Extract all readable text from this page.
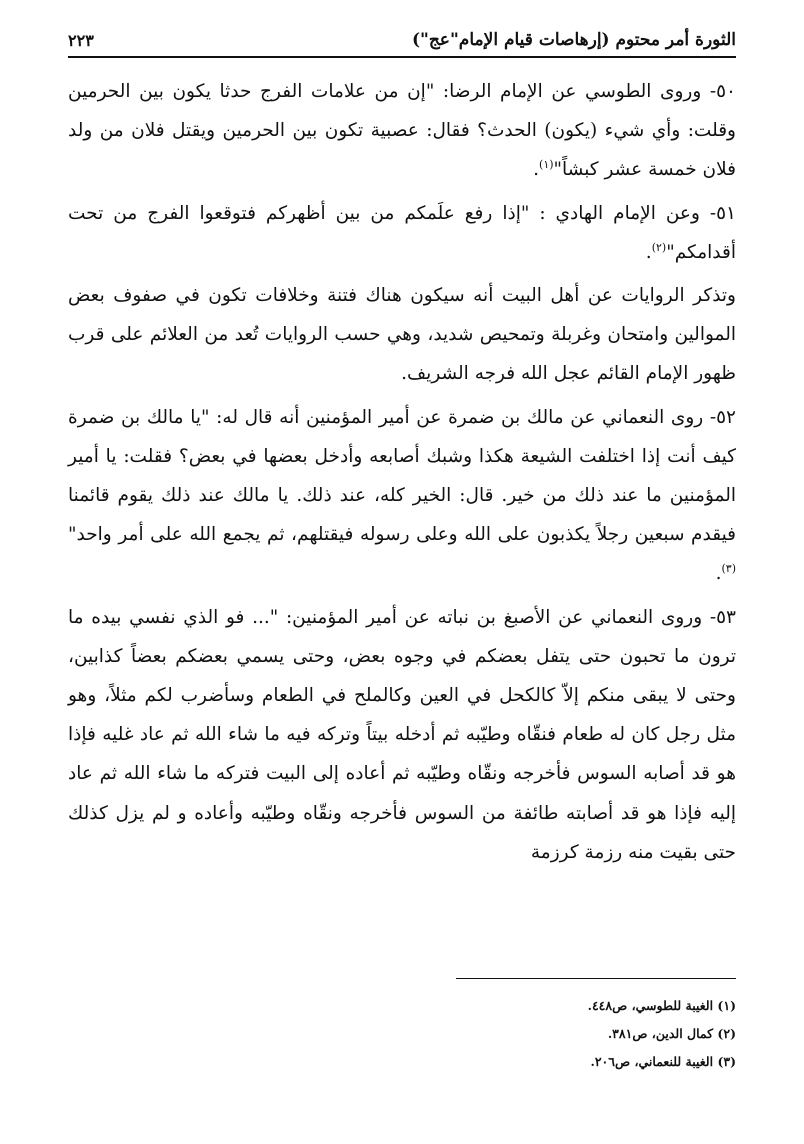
الثورة أمر محتوم (إرهاصات قيام الإمام"عج")
٢٢٣

٥٠- وروى الطوسي عن الإمام الرضا: "إن من علامات الفرج حدثا يكون بين الحرمين وقلت: وأي شيء (يكون) الحدث؟ فقال: عصبية تكون بين الحرمين ويقتل فلان من ولد فلان خمسة عشر كبشاً"$^{(١)}$.

٥١- وعن الإمام الهادي : "إذا رفع علَمكم من بين أظهركم فتوقعوا الفرج من تحت أقدامكم"$^{(٢)}$.

وتذكر الروايات عن أهل البيت أنه سيكون هناك فتنة وخلافات تكون في صفوف بعض الموالين وامتحان وغربلة وتمحيص شديد، وهي حسب الروايات تُعد من العلائم على قرب ظهور الإمام القائم عجل الله فرجه الشريف.

٥٢- روى النعماني عن مالك بن ضمرة عن أمير المؤمنين أنه قال له: "يا مالك بن ضمرة كيف أنت إذا اختلفت الشيعة هكذا وشبك أصابعه وأدخل بعضها في بعض؟ فقلت: يا أمير المؤمنين ما عند ذلك من خير. قال: الخير كله، عند ذلك. يا مالك عند ذلك يقوم قائمنا فيقدم سبعين رجلاً يكذبون على الله وعلى رسوله فيقتلهم، ثم يجمع الله على أمر واحد"$^{(٣)}$.

٥٣- وروى النعماني عن الأصبغ بن نباته عن أمير المؤمنين: "... فو الذي نفسي بيده ما ترون ما تحبون حتى يتفل بعضكم في وجوه بعض، وحتى يسمي بعضكم بعضاً كذابين، وحتى لا يبقى منكم إلاّ كالكحل في العين وكالملح في الطعام وسأضرب لكم مثلاً، وهو مثل رجل كان له طعام فنقّاه وطيّبه ثم أدخله بيتاً وتركه فيه ما شاء الله ثم عاد غليه فإذا هو قد أصابه السوس فأخرجه ونقّاه وطيّبه ثم أعاده إلى البيت فتركه ما شاء الله ثم عاد إليه فإذا هو قد أصابته طائفة من السوس فأخرجه ونقّاه وطيّبه وأعاده و لم يزل كذلك حتى بقيت منه رزمة كرزمة

(١) الغيبة للطوسي، ص٤٤٨.
(٢) كمال الدين، ص٣٨١.
(٣) الغيبة للنعماني، ص٢٠٦.
